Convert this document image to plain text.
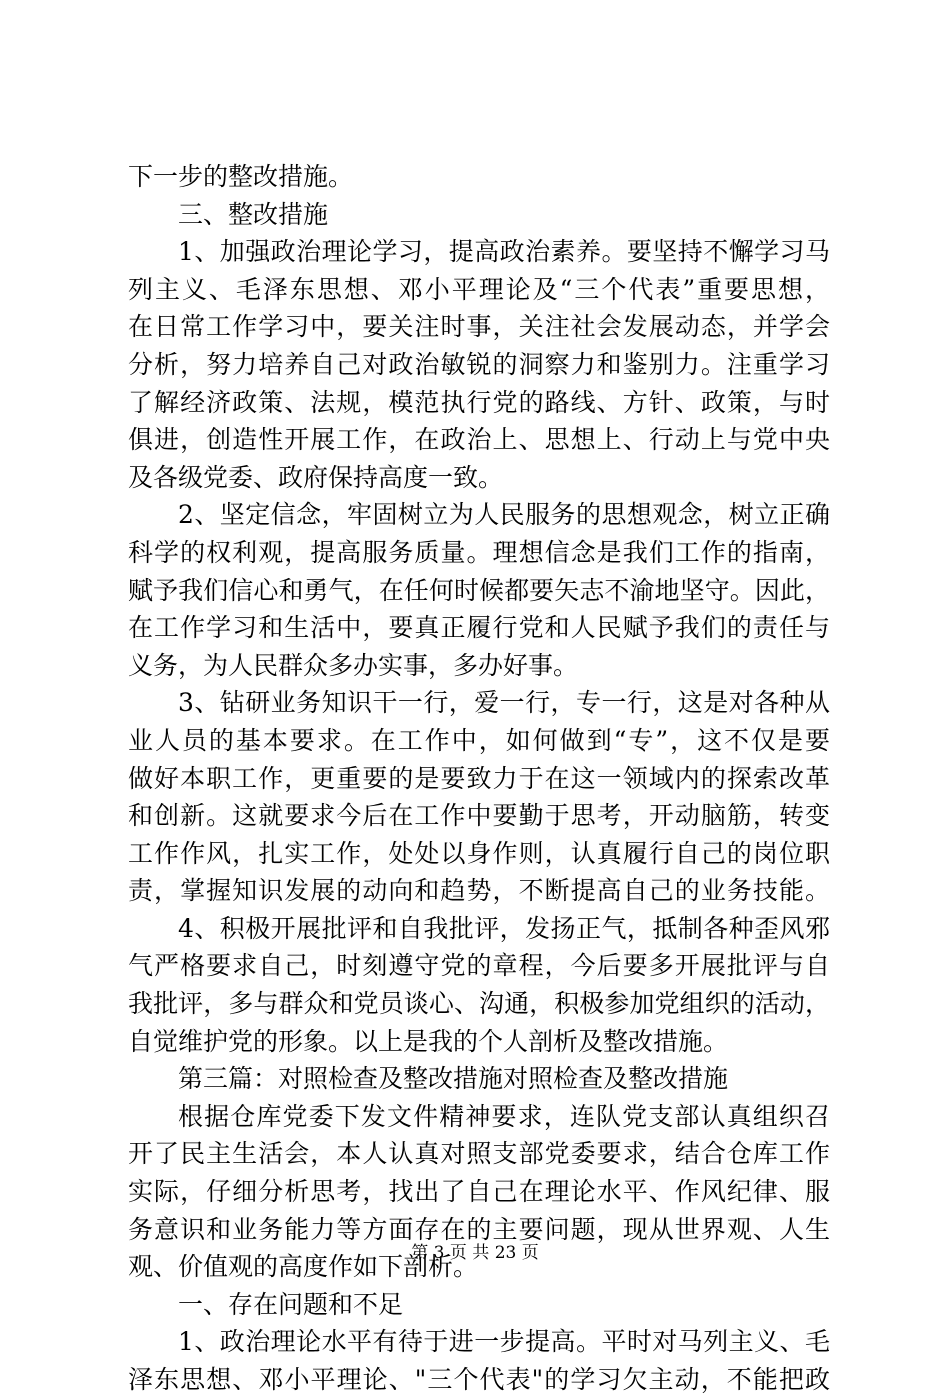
下一步的整改措施。
三、整改措施
1、加强政治理论学习，提高政治素养。要坚持不懈学习马
列主义、毛泽东思想、邓小平理论及“三个代表”重要思想，
在日常工作学习中，要关注时事，关注社会发展动态，并学会
分析，努力培养自己对政治敏锐的洞察力和鉴别力。注重学习
了解经济政策、法规，模范执行党的路线、方针、政策，与时
俱进，创造性开展工作，在政治上、思想上、行动上与党中央
及各级党委、政府保持高度一致。
2、坚定信念，牢固树立为人民服务的思想观念，树立正确
科学的权利观，提高服务质量。理想信念是我们工作的指南，
赋予我们信心和勇气，在任何时候都要矢志不渝地坚守。因此，
在工作学习和生活中，要真正履行党和人民赋予我们的责任与
义务，为人民群众多办实事，多办好事。
3、钻研业务知识干一行，爱一行，专一行，这是对各种从
业人员的基本要求。在工作中，如何做到“专”，这不仅是要
做好本职工作，更重要的是要致力于在这一领域内的探索改革
和创新。这就要求今后在工作中要勤于思考，开动脑筋，转变
工作作风，扎实工作，处处以身作则，认真履行自己的岗位职
责，掌握知识发展的动向和趋势，不断提高自己的业务技能。
4、积极开展批评和自我批评，发扬正气，抵制各种歪风邪
气严格要求自己，时刻遵守党的章程，今后要多开展批评与自
我批评，多与群众和党员谈心、沟通，积极参加党组织的活动，
自觉维护党的形象。以上是我的个人剖析及整改措施。
第三篇：对照检查及整改措施对照检查及整改措施
根据仓库党委下发文件精神要求，连队党支部认真组织召
开了民主生活会，本人认真对照支部党委要求，结合仓库工作
实际，仔细分析思考，找出了自己在理论水平、作风纪律、服
务意识和业务能力等方面存在的主要问题，现从世界观、人生
观、价值观的高度作如下剖析。
一、存在问题和不足
1、政治理论水平有待于进一步提高。平时对马列主义、毛
泽东思想、邓小平理论、"三个代表"的学习欠主动，不能把政
第 3 页 共 23 页
